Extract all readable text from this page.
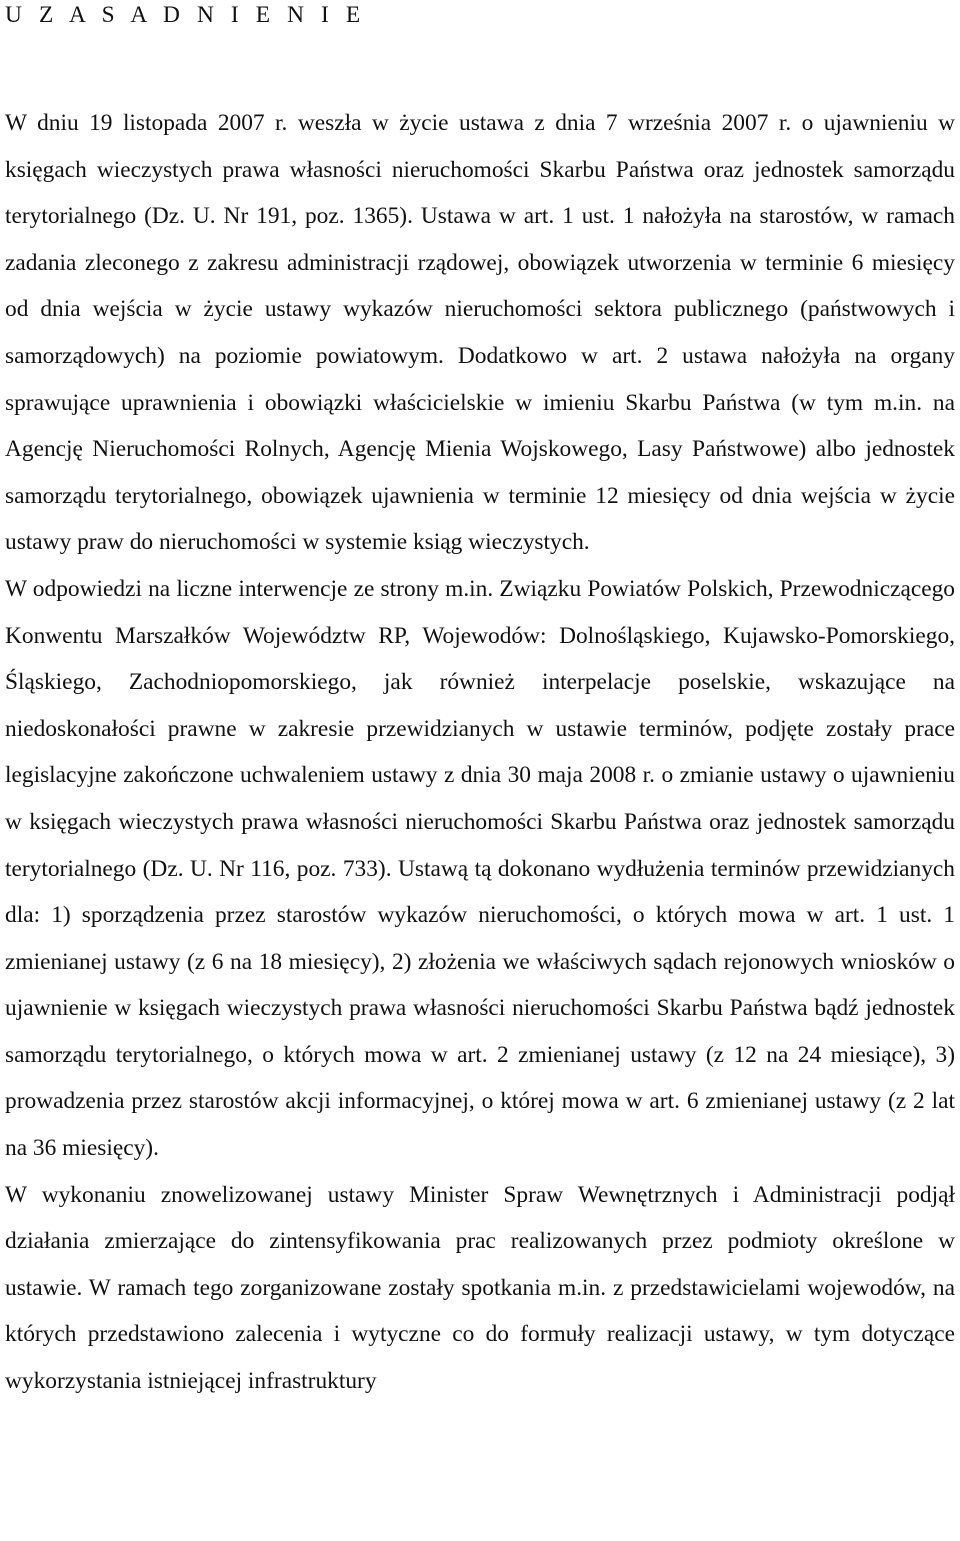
U Z A S A D N I E N I E

W dniu 19 listopada 2007 r. weszła w życie ustawa z dnia 7 września 2007 r. o ujawnieniu w księgach wieczystych prawa własności nieruchomości Skarbu Państwa oraz jednostek samorządu terytorialnego (Dz. U. Nr 191, poz. 1365). Ustawa w art. 1 ust. 1 nałożyła na starostów, w ramach zadania zleconego z zakresu administracji rządowej, obowiązek utworzenia w terminie 6 miesięcy od dnia wejścia w życie ustawy wykazów nieruchomości sektora publicznego (państwowych i samorządowych) na poziomie powiatowym. Dodatkowo w art. 2 ustawa nałożyła na organy sprawujące uprawnienia i obowiązki właścicielskie w imieniu Skarbu Państwa (w tym m.in. na Agencję Nieruchomości Rolnych, Agencję Mienia Wojskowego, Lasy Państwowe) albo jednostek samorządu terytorialnego, obowiązek ujawnienia w terminie 12 miesięcy od dnia wejścia w życie ustawy praw do nieruchomości w systemie ksiąg wieczystych.

W odpowiedzi na liczne interwencje ze strony m.in. Związku Powiatów Polskich, Przewodniczącego Konwentu Marszałków Województw RP, Wojewodów: Dolnośląskiego, Kujawsko-Pomorskiego, Śląskiego, Zachodniopomorskiego, jak również interpelacje poselskie, wskazujące na niedoskonałości prawne w zakresie przewidzianych w ustawie terminów, podjęte zostały prace legislacyjne zakończone uchwaleniem ustawy z dnia 30 maja 2008 r. o zmianie ustawy o ujawnieniu w księgach wieczystych prawa własności nieruchomości Skarbu Państwa oraz jednostek samorządu terytorialnego (Dz. U. Nr 116, poz. 733). Ustawą tą dokonano wydłużenia terminów przewidzianych dla: 1) sporządzenia przez starostów wykazów nieruchomości, o których mowa w art. 1 ust. 1 zmienianej ustawy (z 6 na 18 miesięcy), 2) złożenia we właściwych sądach rejonowych wniosków o ujawnienie w księgach wieczystych prawa własności nieruchomości Skarbu Państwa bądź jednostek samorządu terytorialnego, o których mowa w art. 2 zmienianej ustawy (z 12 na 24 miesiące), 3) prowadzenia przez starostów akcji informacyjnej, o której mowa w art. 6 zmienianej ustawy (z 2 lat na 36 miesięcy).

W wykonaniu znowelizowanej ustawy Minister Spraw Wewnętrznych i Administracji podjął działania zmierzające do zintensyfikowania prac realizowanych przez podmioty określone w ustawie. W ramach tego zorganizowane zostały spotkania m.in. z przedstawicielami wojewodów, na których przedstawiono zalecenia i wytyczne co do formuły realizacji ustawy, w tym dotyczące wykorzystania istniejącej infrastruktury
